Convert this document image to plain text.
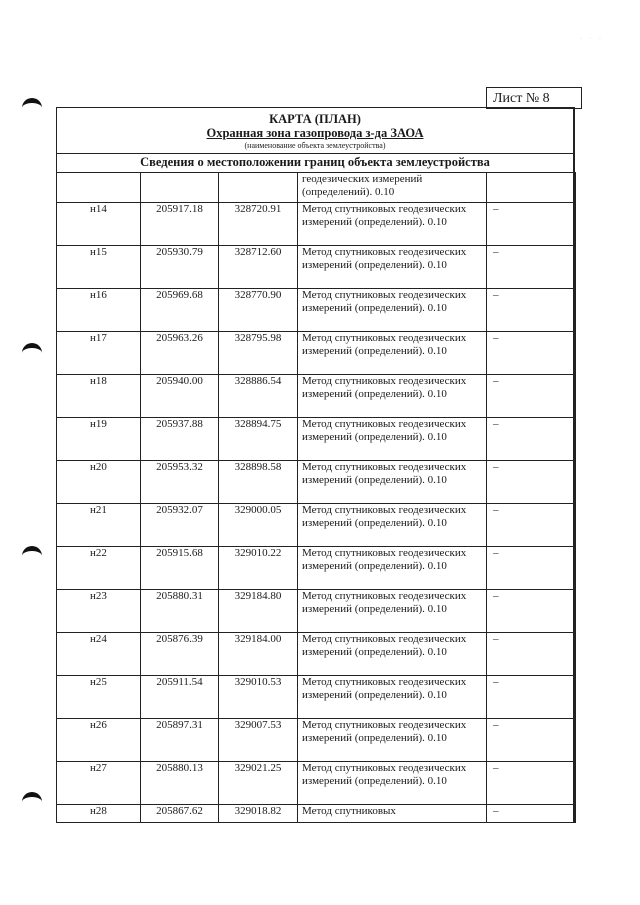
· · ·
Лист № 8
КАРТА (ПЛАН)
Охранная зона газопровода з-да ЗАОА
(наименование объекта землеустройства)
Сведения о местоположении границ объекта землеустройства
			геодезических измерений (определений). 0.10	
н14	205917.18	328720.91	Метод спутниковых геодезических измерений (определений). 0.10	–
н15	205930.79	328712.60	Метод спутниковых геодезических измерений (определений). 0.10	–
н16	205969.68	328770.90	Метод спутниковых геодезических измерений (определений). 0.10	–
н17	205963.26	328795.98	Метод спутниковых геодезических измерений (определений). 0.10	–
н18	205940.00	328886.54	Метод спутниковых геодезических измерений (определений). 0.10	–
н19	205937.88	328894.75	Метод спутниковых геодезических измерений (определений). 0.10	–
н20	205953.32	328898.58	Метод спутниковых геодезических измерений (определений). 0.10	–
н21	205932.07	329000.05	Метод спутниковых геодезических измерений (определений). 0.10	–
н22	205915.68	329010.22	Метод спутниковых геодезических измерений (определений). 0.10	–
н23	205880.31	329184.80	Метод спутниковых геодезических измерений (определений). 0.10	–
н24	205876.39	329184.00	Метод спутниковых геодезических измерений (определений). 0.10	–
н25	205911.54	329010.53	Метод спутниковых геодезических измерений (определений). 0.10	–
н26	205897.31	329007.53	Метод спутниковых геодезических измерений (определений). 0.10	–
н27	205880.13	329021.25	Метод спутниковых геодезических измерений (определений). 0.10	–
н28	205867.62	329018.82	Метод спутниковых	–
